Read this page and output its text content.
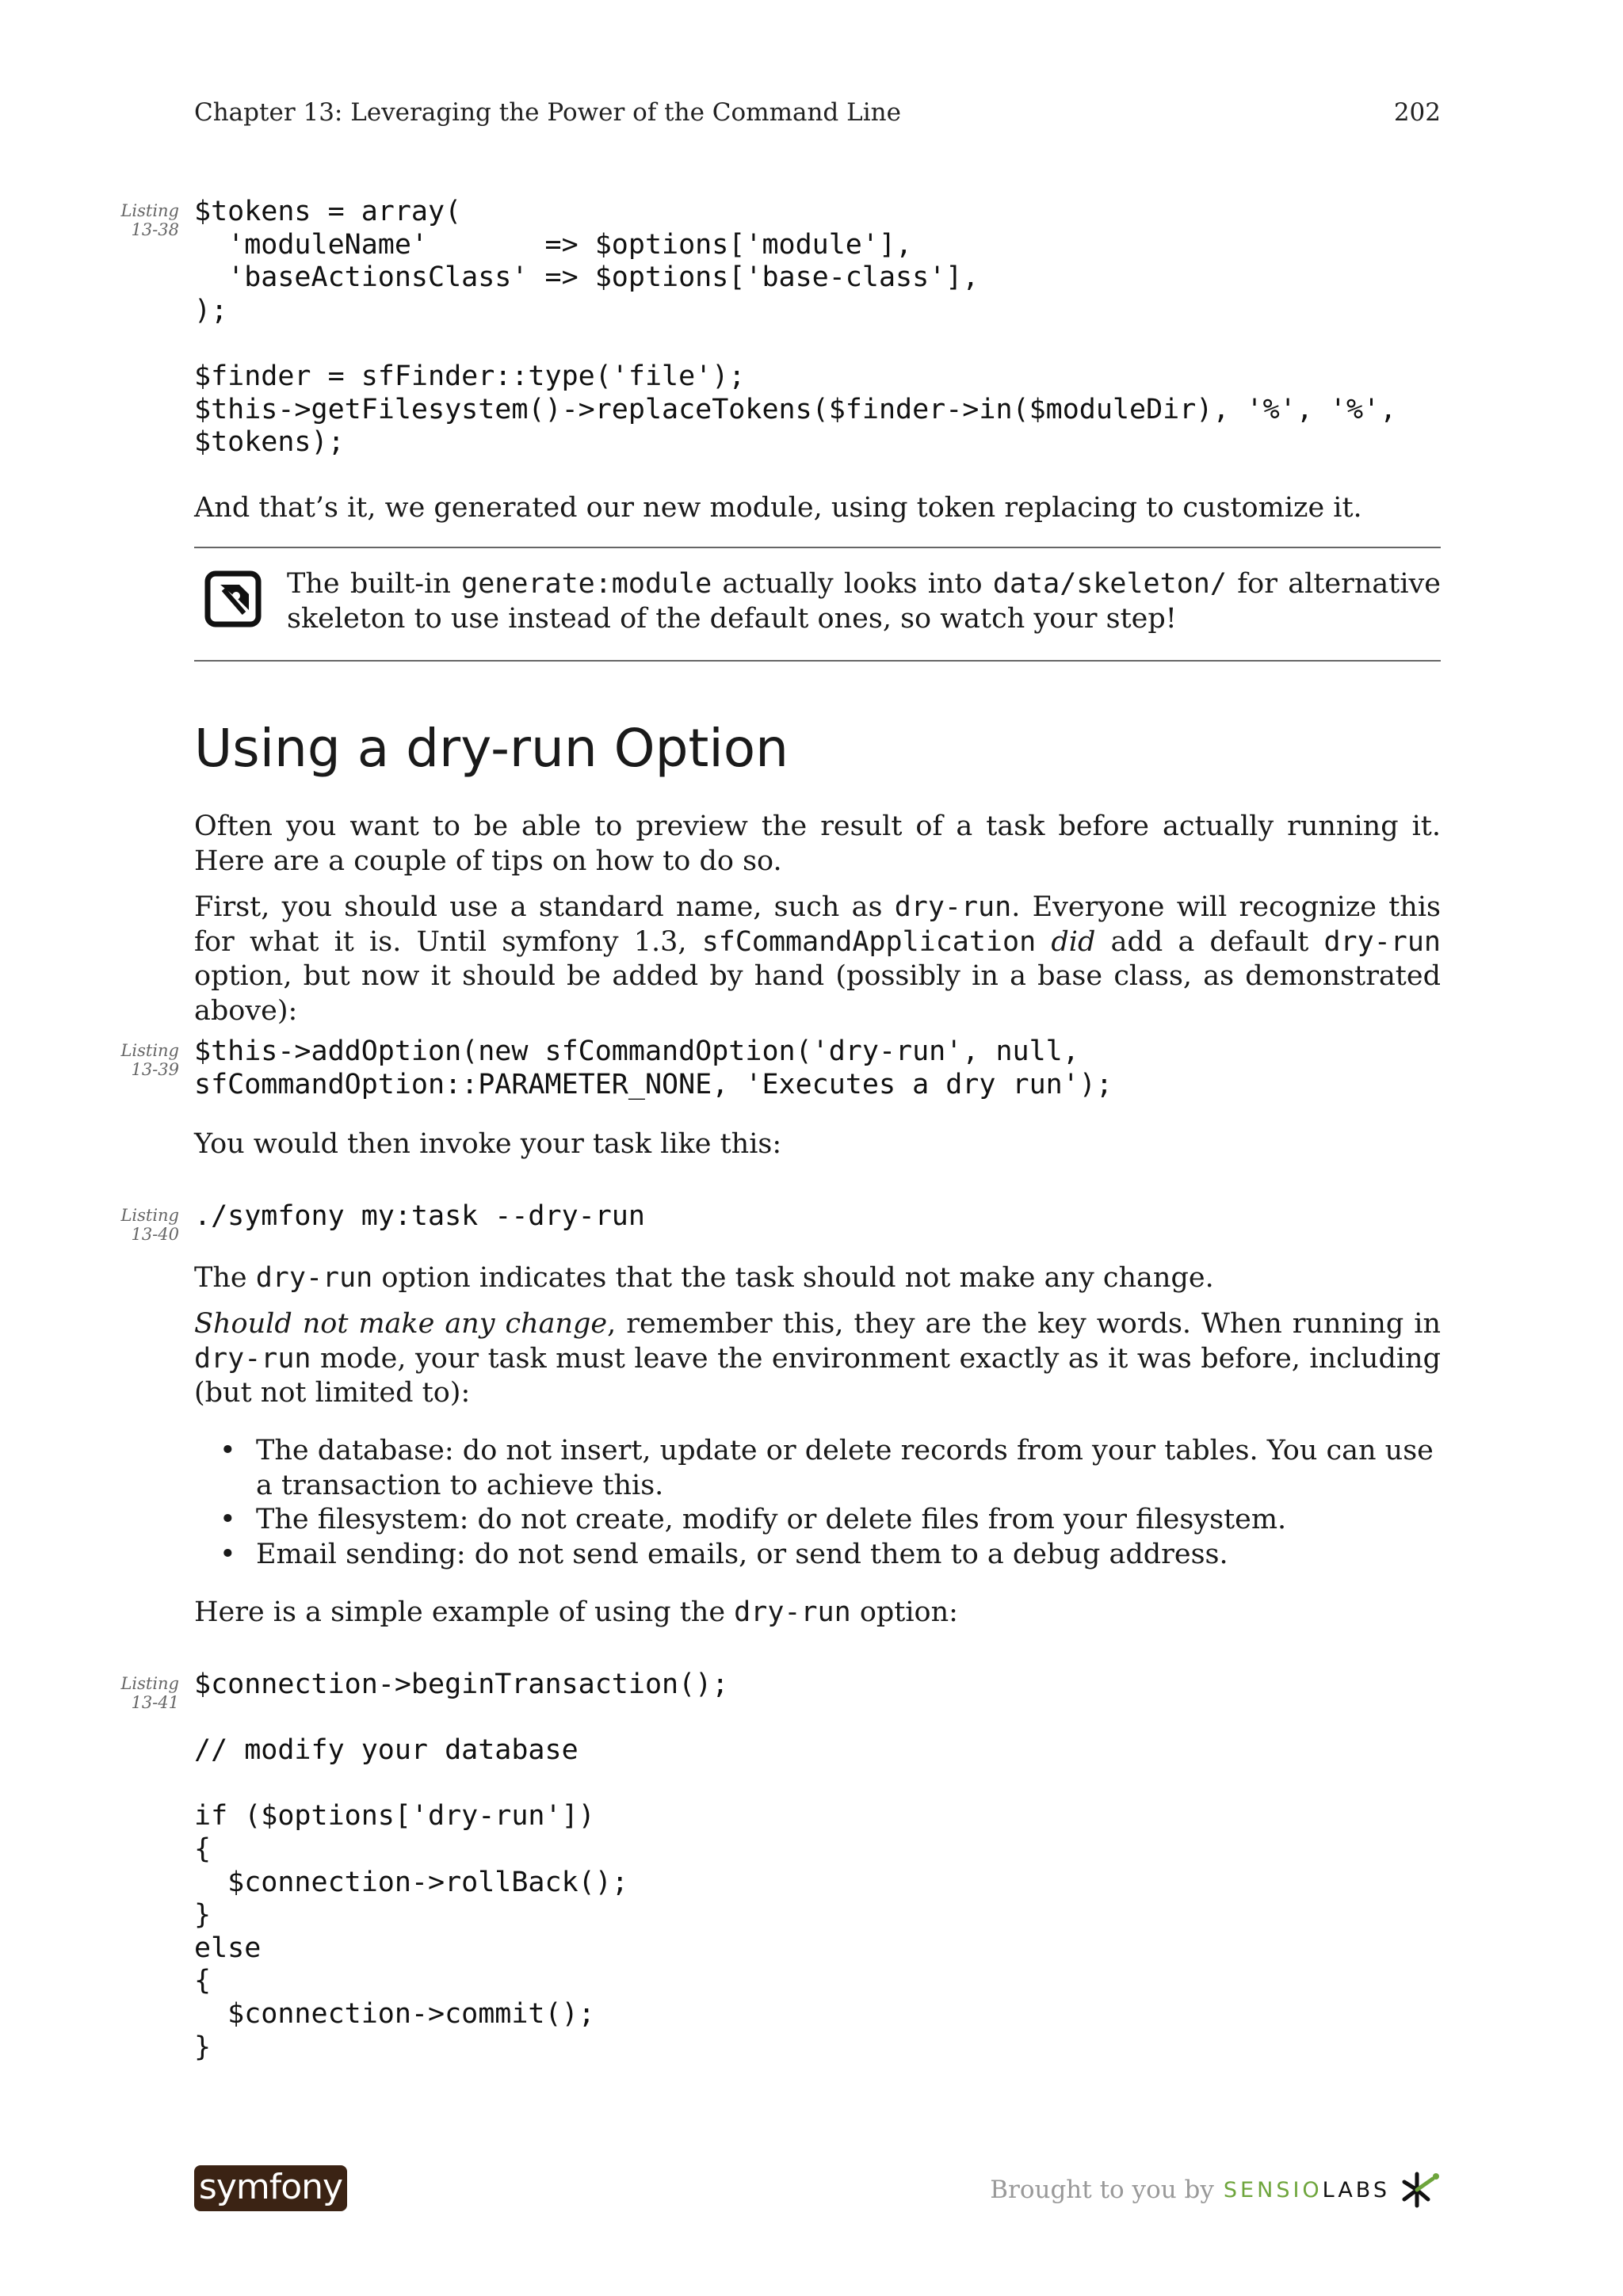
Chapter 13: Leveraging the Power of the Command Line	202
Listing
13-38
$tokens = array(
'moduleName'       => $options['module'],
'baseActionsClass' => $options['base-class'],
);

$finder = sfFinder::type('file');
$this->getFilesystem()->replaceTokens($finder->in($moduleDir), '%', '%',
$tokens);

And that’s it, we generated our new module, using token replacing to customize it.

The built-in generate:module actually looks into data/skeleton/ for alternative skeleton to use instead of the default ones, so watch your step!

Using a dry-run Option

Often you want to be able to preview the result of a task before actually running it. Here are a couple of tips on how to do so.

First, you should use a standard name, such as dry-run. Everyone will recognize this for what it is. Until symfony 1.3, sfCommandApplication did add a default dry-run option, but now it should be added by hand (possibly in a base class, as demonstrated above):

Listing
13-39
$this->addOption(new sfCommandOption('dry-run', null,
sfCommandOption::PARAMETER_NONE, 'Executes a dry run');

You would then invoke your task like this:

Listing
13-40
./symfony my:task --dry-run

The dry-run option indicates that the task should not make any change.

Should not make any change, remember this, they are the key words. When running in dry-run mode, your task must leave the environment exactly as it was before, including (but not limited to):

• The database: do not insert, update or delete records from your tables. You can use a transaction to achieve this.
• The filesystem: do not create, modify or delete files from your filesystem.
• Email sending: do not send emails, or send them to a debug address.

Here is a simple example of using the dry-run option:

Listing
13-41
$connection->beginTransaction();

// modify your database

if ($options['dry-run'])
{
$connection->rollBack();
}
else
{
$connection->commit();
}
symfony	Brought to you by SENSIOLABS
